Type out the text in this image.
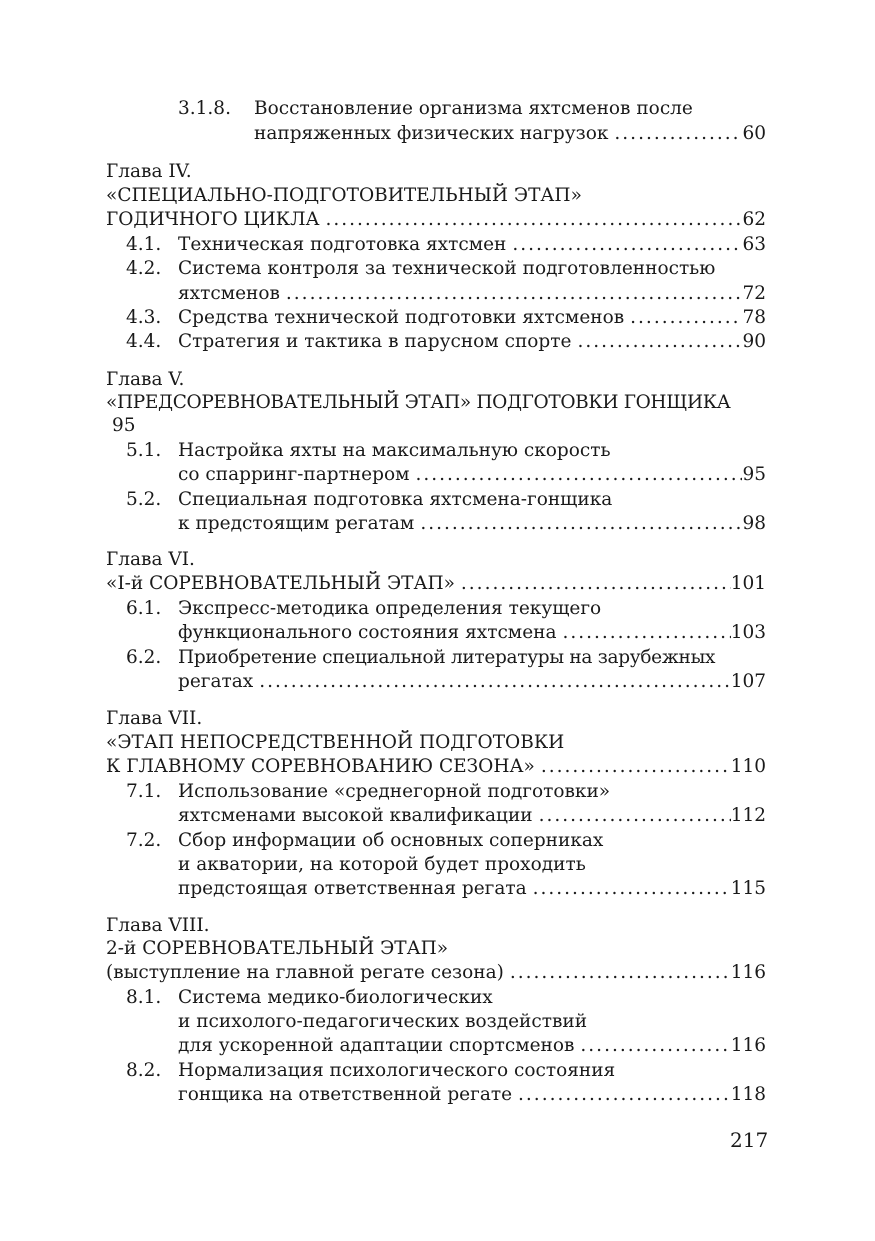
3.1.8. Восстановление организма яхтсменов после
напряженных физических нагрузок .....	60
Глава IV.
«СПЕЦИАЛЬНО-ПОДГОТОВИТЕЛЬНЫЙ ЭТАП»
ГОДИЧНОГО ЦИКЛА .....	62
4.1. Техническая подготовка яхтсмен .....	63
4.2. Система контроля за технической подготовленностью
яхтсменов .....	72
4.3. Средства технической подготовки яхтсменов .....	78
4.4. Стратегия и тактика в парусном спорте .....	90
Глава V.
«ПРЕДСОРЕВНОВАТЕЛЬНЫЙ ЭТАП» ПОДГОТОВКИ ГОНЩИКА
95
5.1. Настройка яхты на максимальную скорость
со спарринг-партнером .....	95
5.2. Специальная подготовка яхтсмена-гонщика
к предстоящим регатам .....	98
Глава VI.
«I-й СОРЕВНОВАТЕЛЬНЫЙ ЭТАП» .....	101
6.1. Экспресс-методика определения текущего
функционального состояния яхтсмена .....	103
6.2. Приобретение специальной литературы на зарубежных
регатах .....	107
Глава VII.
«ЭТАП НЕПОСРЕДСТВЕННОЙ ПОДГОТОВКИ
К ГЛАВНОМУ СОРЕВНОВАНИЮ СЕЗОНА» .....	110
7.1. Использование «среднегорной подготовки»
яхтсменами высокой квалификации .....	112
7.2. Сбор информации об основных соперниках
и акватории, на которой будет проходить
предстоящая ответственная регата .....	115
Глава VIII.
2-й СОРЕВНОВАТЕЛЬНЫЙ ЭТАП»
(выступление на главной регате сезона) .....	116
8.1. Система медико-биологических
и психолого-педагогических воздействий
для ускоренной адаптации спортсменов .....	116
8.2. Нормализация психологического состояния
гонщика на ответственной регате .....	118
217
